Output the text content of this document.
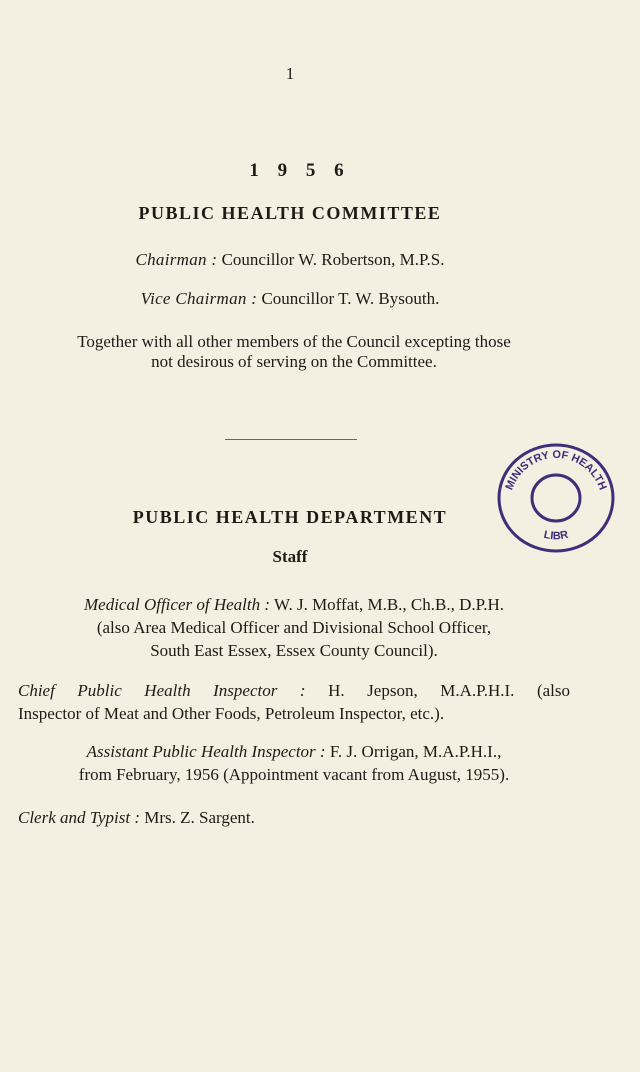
1
1 9 5 6
PUBLIC HEALTH COMMITTEE
Chairman : Councillor W. Robertson, M.P.S.
Vice Chairman : Councillor T. W. Bysouth.
Together with all other members of the Council excepting those
not desirous of serving on the Committee.
PUBLIC HEALTH DEPARTMENT
Staff
Medical Officer of Health : W. J. Moffat, M.B., Ch.B., D.P.H.
(also Area Medical Officer and Divisional School Officer,
South East Essex, Essex County Council).
Chief Public Health Inspector : H. Jepson, M.A.P.H.I. (also
Inspector of Meat and Other Foods, Petroleum Inspector, etc.).
Assistant Public Health Inspector : F. J. Orrigan, M.A.P.H.I.,
from February, 1956 (Appointment vacant from August, 1955).
Clerk and Typist : Mrs. Z. Sargent.
MINISTRY OF HEALTH
LIBR
